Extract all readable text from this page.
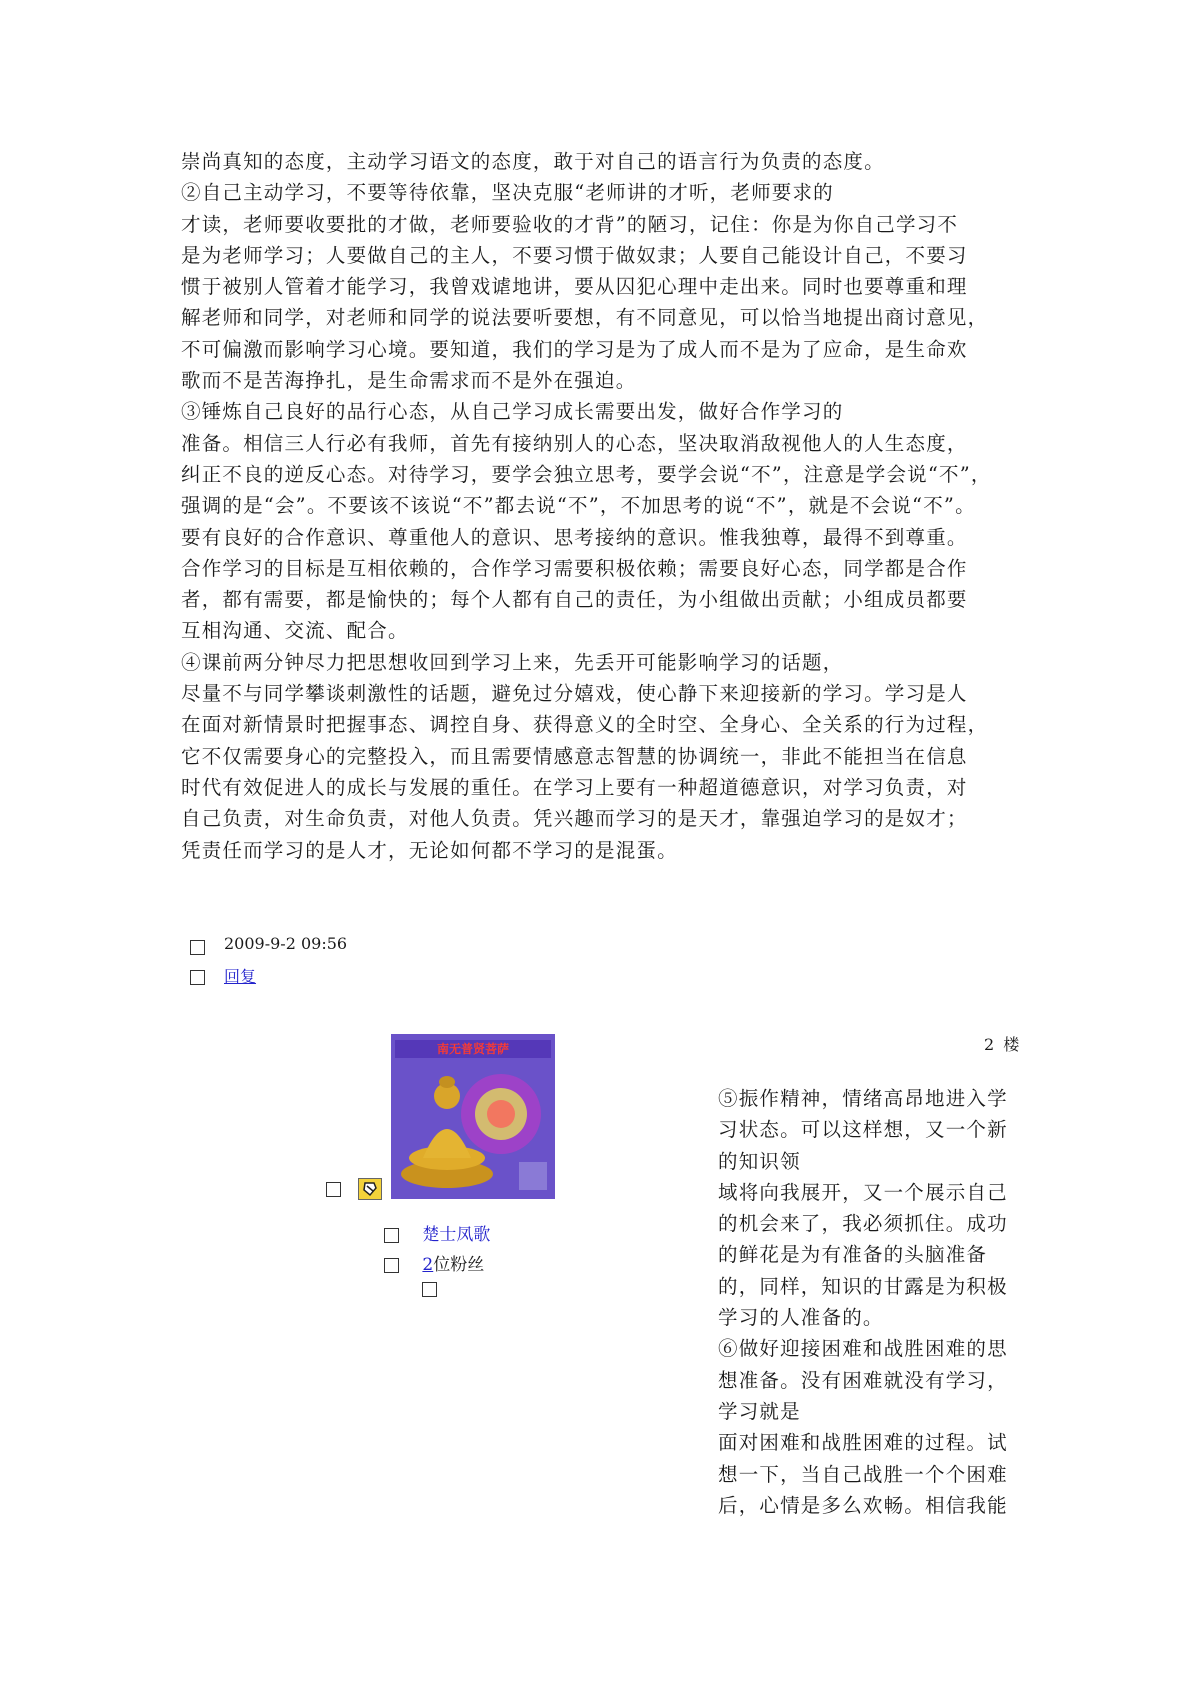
崇尚真知的态度，主动学习语文的态度，敢于对自己的语言行为负责的态度。

②自己主动学习，不要等待依靠，坚决克服“老师讲的才听，老师要求的

才读，老师要收要批的才做，老师要验收的才背”的陋习，记住：你是为你自己学习不

是为老师学习；人要做自己的主人，不要习惯于做奴隶；人要自己能设计自己，不要习

惯于被别人管着才能学习，我曾戏谑地讲，要从囚犯心理中走出来。同时也要尊重和理

解老师和同学，对老师和同学的说法要听要想，有不同意见，可以恰当地提出商讨意见，

不可偏激而影响学习心境。要知道，我们的学习是为了成人而不是为了应命，是生命欢

歌而不是苦海挣扎，是生命需求而不是外在强迫。

③锤炼自己良好的品行心态，从自己学习成长需要出发，做好合作学习的

准备。相信三人行必有我师，首先有接纳别人的心态，坚决取消敌视他人的人生态度，

纠正不良的逆反心态。对待学习，要学会独立思考，要学会说“不”，注意是学会说“不”，

强调的是“会”。不要该不该说“不”都去说“不”，不加思考的说“不”，就是不会说“不”。

要有良好的合作意识、尊重他人的意识、思考接纳的意识。惟我独尊，最得不到尊重。

合作学习的目标是互相依赖的，合作学习需要积极依赖；需要良好心态，同学都是合作

者，都有需要，都是愉快的；每个人都有自己的责任，为小组做出贡献；小组成员都要

互相沟通、交流、配合。

④课前两分钟尽力把思想收回到学习上来，先丢开可能影响学习的话题，

尽量不与同学攀谈刺激性的话题，避免过分嬉戏，使心静下来迎接新的学习。学习是人

在面对新情景时把握事态、调控自身、获得意义的全时空、全身心、全关系的行为过程，

它不仅需要身心的完整投入，而且需要情感意志智慧的协调统一，非此不能担当在信息

时代有效促进人的成长与发展的重任。在学习上要有一种超道德意识，对学习负责，对

自己负责，对生命负责，对他人负责。凭兴趣而学习的是天才，靠强迫学习的是奴才；

凭责任而学习的是人才，无论如何都不学习的是混蛋。

2009-9-2 09:56
回复
2 楼
南无普贤菩萨
楚士凤歌
2位粉丝

⑤振作精神，情绪高昂地进入学

习状态。可以这样想，又一个新

的知识领

域将向我展开，又一个展示自己

的机会来了，我必须抓住。成功

的鲜花是为有准备的头脑准备

的，同样，知识的甘露是为积极

学习的人准备的。

⑥做好迎接困难和战胜困难的思

想准备。没有困难就没有学习，

学习就是

面对困难和战胜困难的过程。试

想一下，当自己战胜一个个困难

后，心情是多么欢畅。相信我能
